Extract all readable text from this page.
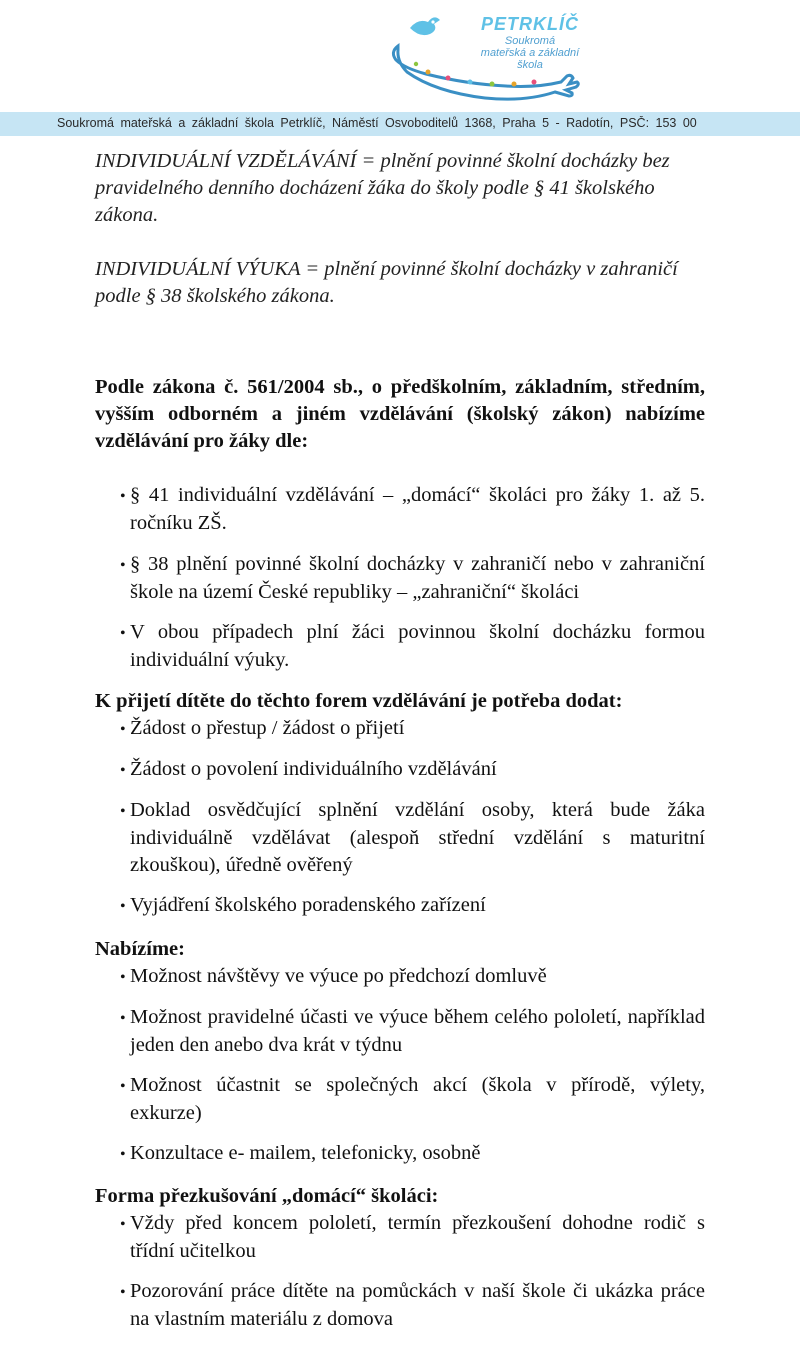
PETRKLÍČ
Soukromá
mateřská a základní
škola
Soukromá mateřská a základní škola Petrklíč, Náměstí Osvoboditelů 1368, Praha 5 - Radotín, PSČ: 153 00

INDIVIDUÁLNÍ VZDĚLÁVÁNÍ = plnění povinné školní docházky bez pravidelného denního docházení žáka do školy podle § 41 školského zákona.

INDIVIDUÁLNÍ VÝUKA = plnění povinné školní docházky v zahraničí podle § 38 školského zákona.

Podle zákona č. 561/2004 sb., o předškolním, základním, středním, vyšším odborném a jiném vzdělávání (školský zákon) nabízíme vzdělávání pro žáky dle:

• § 41 individuální vzdělávání – „domácí“ školáci pro žáky 1. až 5. ročníku ZŠ.
• § 38 plnění povinné školní docházky v zahraničí nebo v zahraniční škole na území České republiky – „zahraniční“ školáci
• V obou případech plní žáci povinnou školní docházku formou individuální výuky.

K přijetí dítěte do těchto forem vzdělávání je potřeba dodat:

• Žádost o přestup / žádost o přijetí
• Žádost o povolení individuálního vzdělávání
• Doklad osvědčující splnění vzdělání osoby, která bude žáka individuálně vzdělávat (alespoň střední vzdělání s maturitní zkouškou), úředně ověřený
• Vyjádření školského poradenského zařízení

Nabízíme:

• Možnost návštěvy ve výuce po předchozí domluvě
• Možnost pravidelné účasti ve výuce během celého pololetí, například jeden den anebo dva krát v týdnu
• Možnost účastnit se společných akcí (škola v přírodě, výlety, exkurze)
• Konzultace e- mailem, telefonicky, osobně

Forma přezkušování „domácí“ školáci:

• Vždy před koncem pololetí, termín přezkoušení dohodne rodič s třídní učitelkou
• Pozorování práce dítěte na pomůckách v naší škole či ukázka práce na vlastním materiálu z domova
